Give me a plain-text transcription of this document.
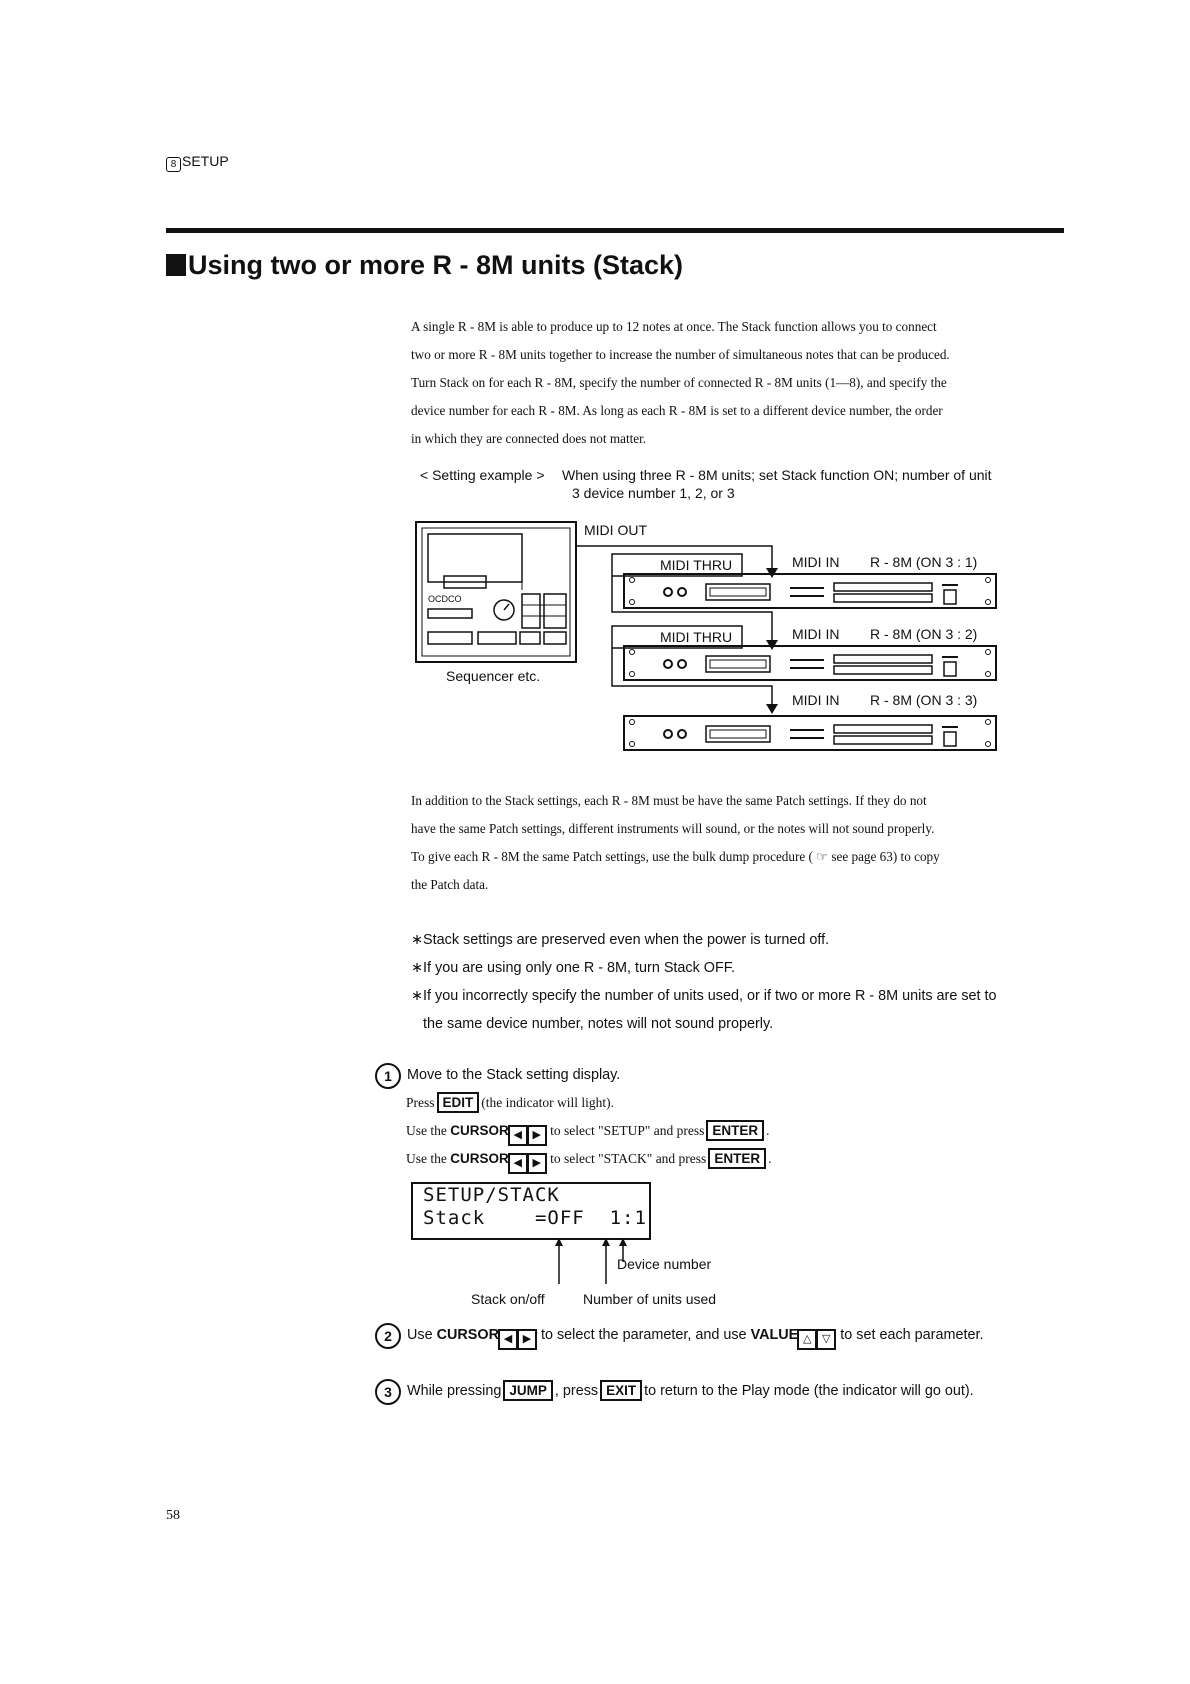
8 SETUP
Using two or more R - 8M units (Stack)
A single R - 8M is able to produce up to 12 notes at once. The Stack function allows you to connect
two or more R - 8M units together to increase the number of simultaneous notes that can be produced.
Turn Stack on for each R - 8M, specify the number of connected R - 8M units (1—8), and specify the
device number for each R - 8M. As long as each R - 8M is set to a different device number, the order
in which they are connected does not matter.
< Setting example > When using three R - 8M units; set Stack function ON; number of unit
3 device number 1, 2, or 3
OCDCO
Sequencer etc.
MIDI OUT
MIDI THRU	MIDI IN R - 8M (ON 3 : 1)
MIDI THRU	MIDI IN R - 8M (ON 3 : 2)
MIDI IN R - 8M (ON 3 : 3)
In addition to the Stack settings, each R - 8M must be have the same Patch settings. If they do not
have the same Patch settings, different instruments will sound, or the notes will not sound properly.
To give each R - 8M the same Patch settings, use the bulk dump procedure ( ☞ see page 63) to copy
the Patch data.
∗Stack settings are preserved even when the power is turned off.
∗If you are using only one R - 8M, turn Stack OFF.
∗If you incorrectly specify the number of units used, or if two or more R - 8M units are set to
the same device number, notes will not sound properly.
1 Move to the Stack setting display.
Press EDIT (the indicator will light).
Use the CURSOR ◀ ▶ to select "SETUP" and press ENTER .
Use the CURSOR ◀ ▶ to select "STACK" and press ENTER .
SETUP/STACK
Stack    =OFF  1:1
Device number
Stack on/off	Number of units used
2 Use CURSOR ◀ ▶ to select the parameter, and use VALUE △ ▽ to set each parameter.
3 While pressing JUMP , press EXIT to return to the Play mode (the indicator will go out).
58
